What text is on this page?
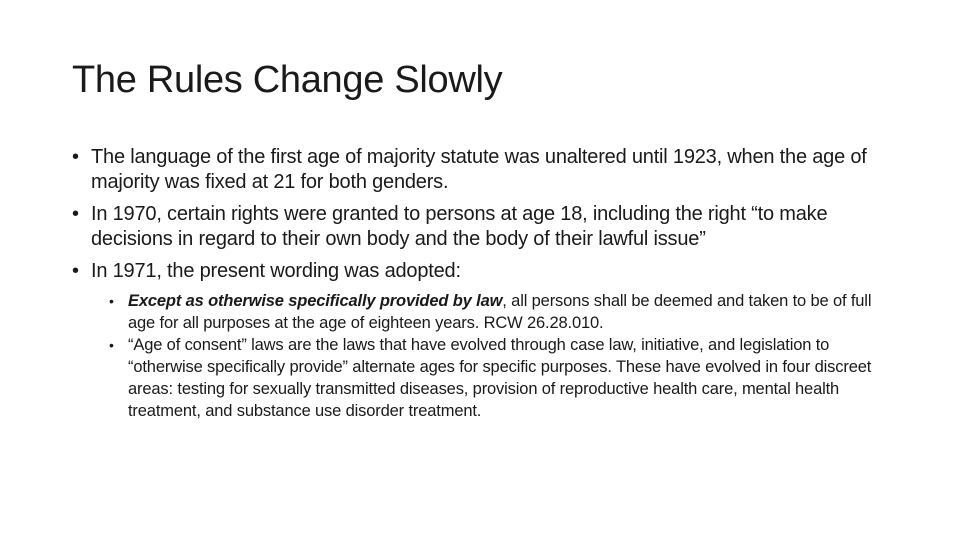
The Rules Change Slowly
• The language of the first age of majority statute was unaltered until 1923, when the age of majority was fixed at 21 for both genders.
• In 1970, certain rights were granted to persons at age 18, including the right “to make decisions in regard to their own body and the body of their lawful issue”
• In 1971, the present wording was adopted:
• Except as otherwise specifically provided by law, all persons shall be deemed and taken to be of full age for all purposes at the age of eighteen years. RCW 26.28.010.
• “Age of consent” laws are the laws that have evolved through case law, initiative, and legislation to “otherwise specifically provide” alternate ages for specific purposes. These have evolved in four discreet areas: testing for sexually transmitted diseases, provision of reproductive health care, mental health treatment, and substance use disorder treatment.
